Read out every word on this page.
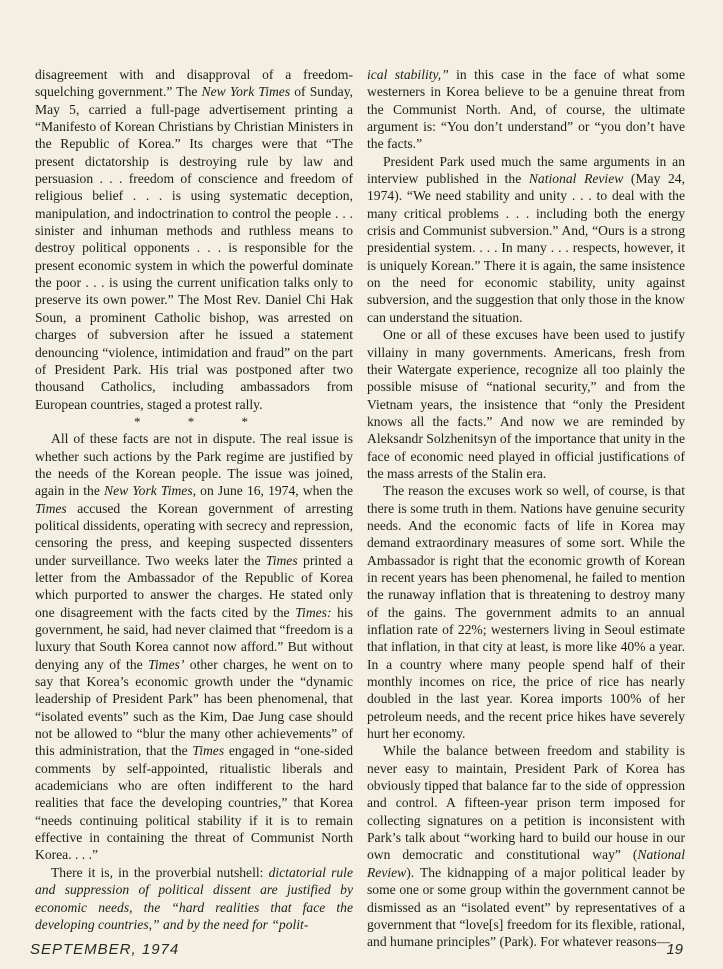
disagreement with and disapproval of a freedom-squelching government.” The New York Times of Sunday, May 5, carried a full-page advertisement printing a “Manifesto of Korean Christians by Christian Ministers in the Republic of Korea.” Its charges were that “The present dictatorship is destroying rule by law and persuasion . . . freedom of conscience and freedom of religious belief . . . is using systematic deception, manipulation, and indoctrination to control the people . . . sinister and inhuman methods and ruthless means to destroy political opponents . . . is responsible for the present economic system in which the powerful dominate the poor . . . is using the current unification talks only to preserve its own power.” The Most Rev. Daniel Chi Hak Soun, a prominent Catholic bishop, was arrested on charges of subversion after he issued a statement denouncing “violence, intimidation and fraud” on the part of President Park. His trial was postponed after two thousand Catholics, including ambassadors from European countries, staged a protest rally.

* * *

All of these facts are not in dispute. The real issue is whether such actions by the Park regime are justified by the needs of the Korean people. The issue was joined, again in the New York Times, on June 16, 1974, when the Times accused the Korean government of arresting political dissidents, operating with secrecy and repression, censoring the press, and keeping suspected dissenters under surveillance. Two weeks later the Times printed a letter from the Ambassador of the Republic of Korea which purported to answer the charges. He stated only one disagreement with the facts cited by the Times: his government, he said, had never claimed that “freedom is a luxury that South Korea cannot now afford.” But without denying any of the Times’ other charges, he went on to say that Korea’s economic growth under the “dynamic leadership of President Park” has been phenomenal, that “isolated events” such as the Kim, Dae Jung case should not be allowed to “blur the many other achievements” of this administration, that the Times engaged in “one-sided comments by self-appointed, ritualistic liberals and academicians who are often indifferent to the hard realities that face the developing countries,” that Korea “needs continuing political stability if it is to remain effective in containing the threat of Communist North Korea. . . .”

There it is, in the proverbial nutshell: dictatorial rule and suppression of political dissent are justified by economic needs, the “hard realities that face the developing countries,” and by the need for “polit-

ical stability,” in this case in the face of what some westerners in Korea believe to be a genuine threat from the Communist North. And, of course, the ultimate argument is: “You don’t understand” or “you don’t have the facts.”

President Park used much the same arguments in an interview published in the National Review (May 24, 1974). “We need stability and unity . . . to deal with the many critical problems . . . including both the energy crisis and Communist subversion.” And, “Ours is a strong presidential system. . . . In many . . . respects, however, it is uniquely Korean.” There it is again, the same insistence on the need for economic stability, unity against subversion, and the suggestion that only those in the know can understand the situation.

One or all of these excuses have been used to justify villainy in many governments. Americans, fresh from their Watergate experience, recognize all too plainly the possible misuse of “national security,” and from the Vietnam years, the insistence that “only the President knows all the facts.” And now we are reminded by Aleksandr Solzhenitsyn of the importance that unity in the face of economic need played in official justifications of the mass arrests of the Stalin era.

The reason the excuses work so well, of course, is that there is some truth in them. Nations have genuine security needs. And the economic facts of life in Korea may demand extraordinary measures of some sort. While the Ambassador is right that the economic growth of Korean in recent years has been phenomenal, he failed to mention the runaway inflation that is threatening to destroy many of the gains. The government admits to an annual inflation rate of 22%; westerners living in Seoul estimate that inflation, in that city at least, is more like 40% a year. In a country where many people spend half of their monthly incomes on rice, the price of rice has nearly doubled in the last year. Korea imports 100% of her petroleum needs, and the recent price hikes have severely hurt her economy.

While the balance between freedom and stability is never easy to maintain, President Park of Korea has obviously tipped that balance far to the side of oppression and control. A fifteen-year prison term imposed for collecting signatures on a petition is inconsistent with Park’s talk about “working hard to build our house in our own democratic and constitutional way” (National Review). The kidnapping of a major political leader by some one or some group within the government cannot be dismissed as an “isolated event” by representatives of a government that “love[s] freedom for its flexible, rational, and humane principles” (Park). For whatever reasons—

SEPTEMBER, 1974	19
